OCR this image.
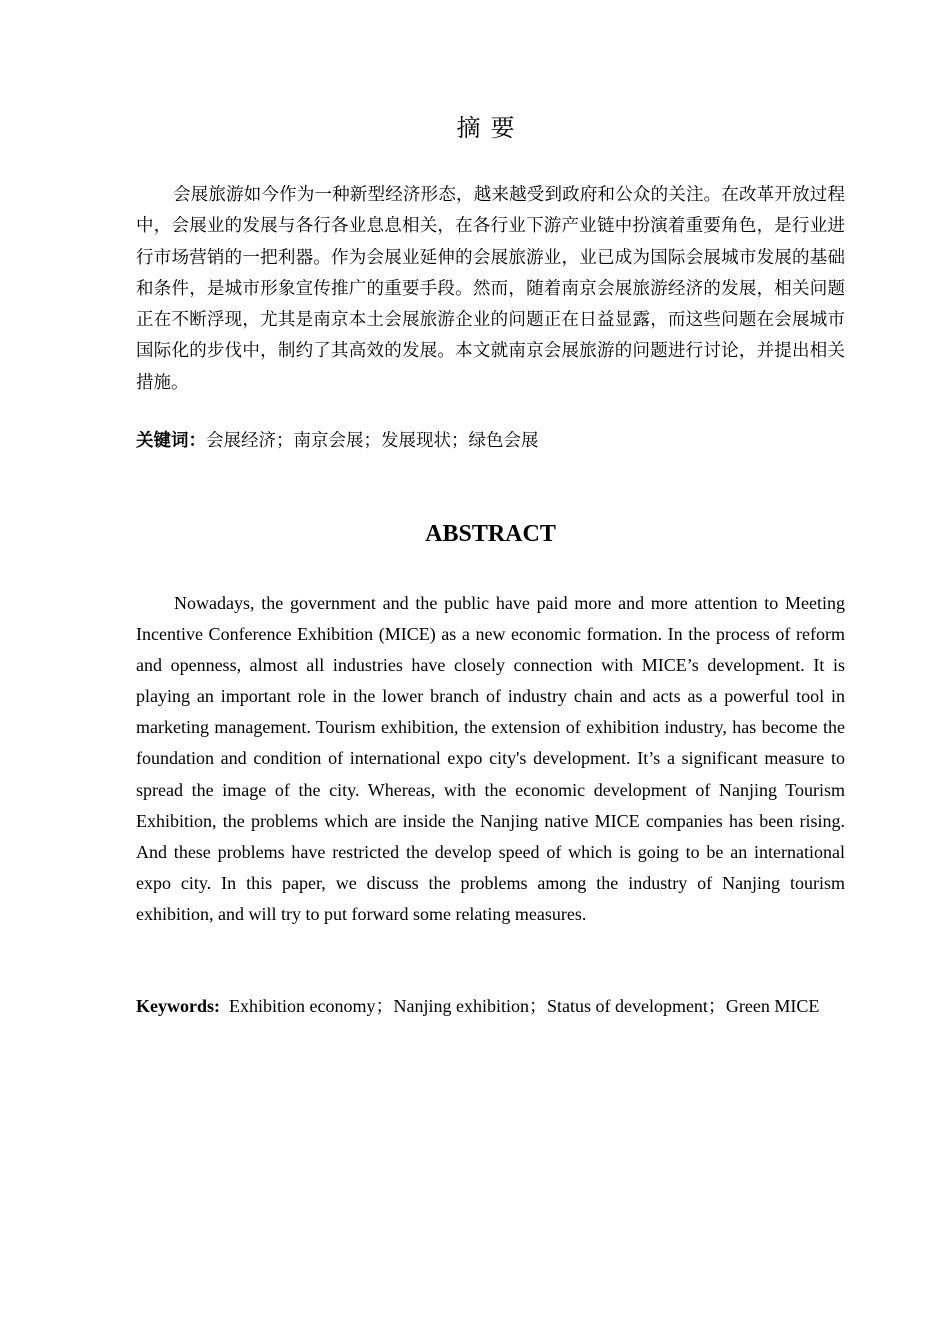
摘要

会展旅游如今作为一种新型经济形态，越来越受到政府和公众的关注。在改革开放过程中，会展业的发展与各行各业息息相关，在各行业下游产业链中扮演着重要角色，是行业进行市场营销的一把利器。作为会展业延伸的会展旅游业，业已成为国际会展城市发展的基础和条件，是城市形象宣传推广的重要手段。然而，随着南京会展旅游经济的发展，相关问题正在不断浮现，尤其是南京本土会展旅游企业的问题正在日益显露，而这些问题在会展城市国际化的步伐中，制约了其高效的发展。本文就南京会展旅游的问题进行讨论，并提出相关措施。

关键词：会展经济；南京会展；发展现状；绿色会展

ABSTRACT

Nowadays, the government and the public have paid more and more attention to Meeting Incentive Conference Exhibition (MICE) as a new economic formation. In the process of reform and openness, almost all industries have closely connection with MICE’s development. It is playing an important role in the lower branch of industry chain and acts as a powerful tool in marketing management. Tourism exhibition, the extension of exhibition industry, has become the foundation and condition of international expo city's development. It’s a significant measure to spread the image of the city. Whereas, with the economic development of Nanjing Tourism Exhibition, the problems which are inside the Nanjing native MICE companies has been rising. And these problems have restricted the develop speed of which is going to be an international expo city. In this paper, we discuss the problems among the industry of Nanjing tourism exhibition, and will try to put forward some relating measures.

Keywords: Exhibition economy；Nanjing exhibition；Status of development；Green MICE
